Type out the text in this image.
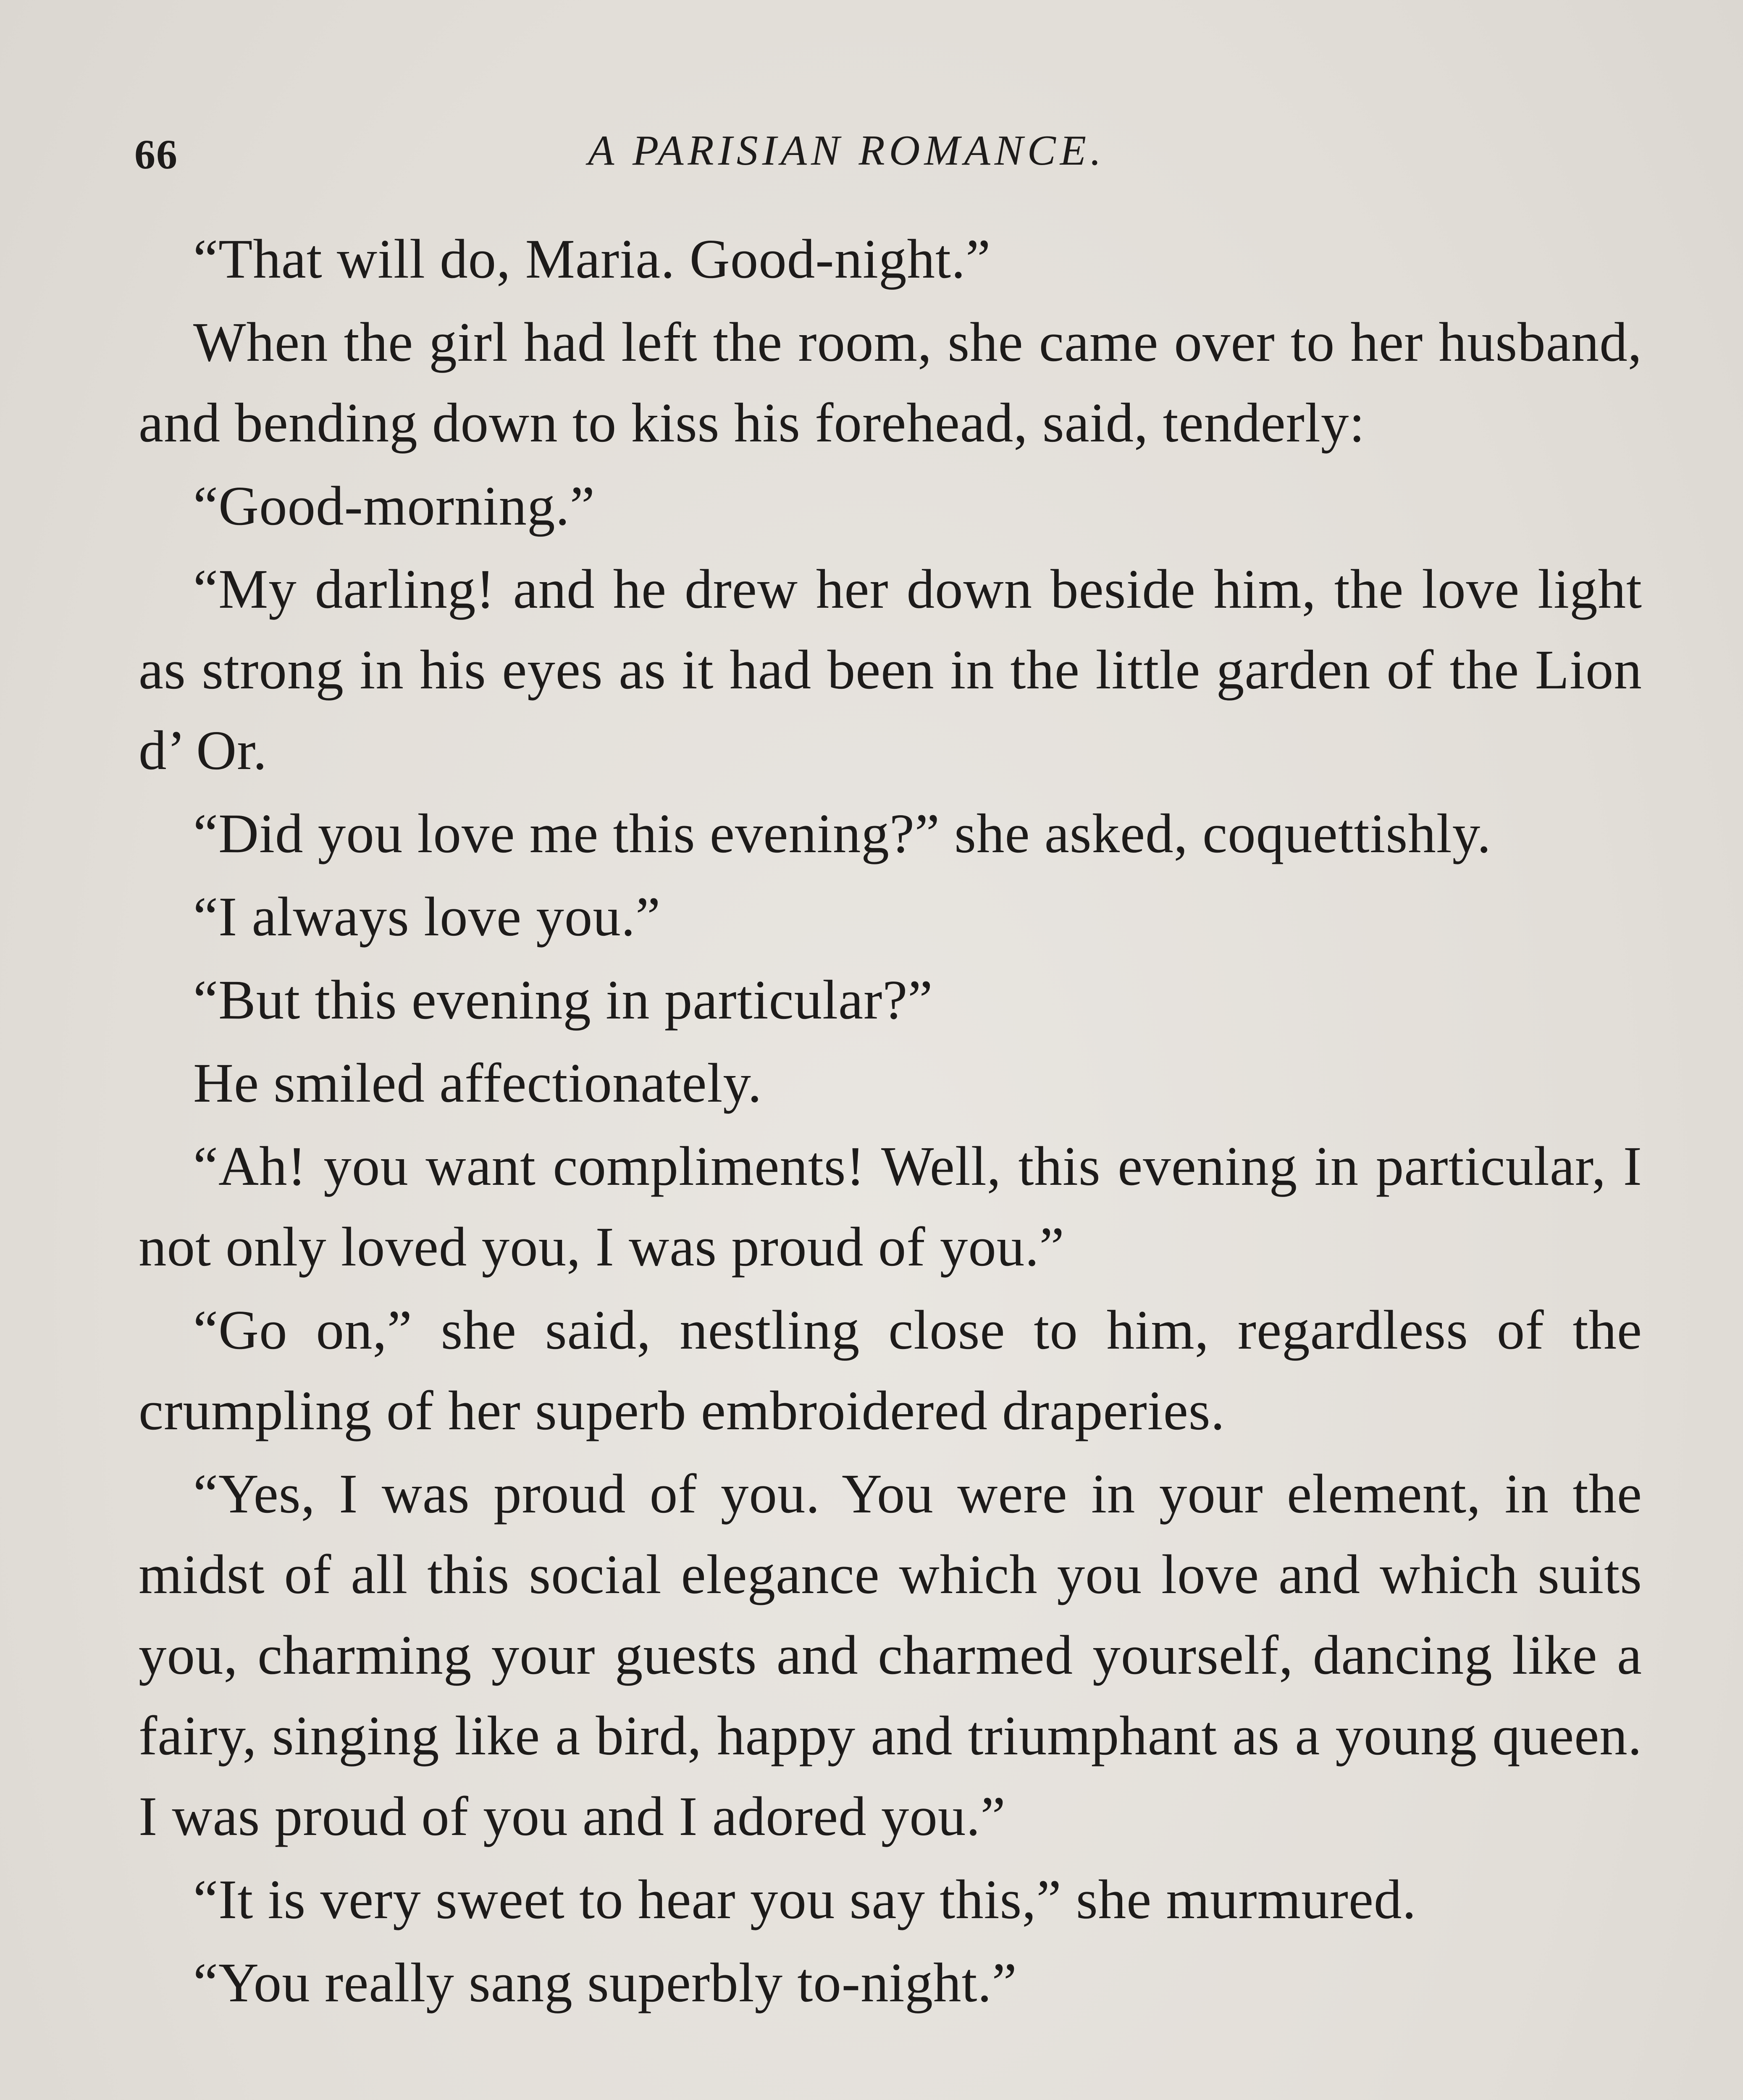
66	A PARISIAN ROMANCE.

“That will do, Maria. Good-night.”

When the girl had left the room, she came over to her husband, and bending down to kiss his forehead, said, tenderly:

“Good-morning.”

“My darling! and he drew her down beside him, the love light as strong in his eyes as it had been in the little garden of the Lion d’ Or.

“Did you love me this evening?” she asked, coquettishly.

“I always love you.”

“But this evening in particular?”

He smiled affectionately.

“Ah! you want compliments! Well, this evening in particular, I not only loved you, I was proud of you.”

“Go on,” she said, nestling close to him, regardless of the crumpling of her superb embroidered draperies.

“Yes, I was proud of you. You were in your element, in the midst of all this social elegance which you love and which suits you, charming your guests and charmed yourself, dancing like a fairy, singing like a bird, happy and triumphant as a young queen. I was proud of you and I adored you.”

“It is very sweet to hear you say this,” she murmured.

“You really sang superbly to-night.”
